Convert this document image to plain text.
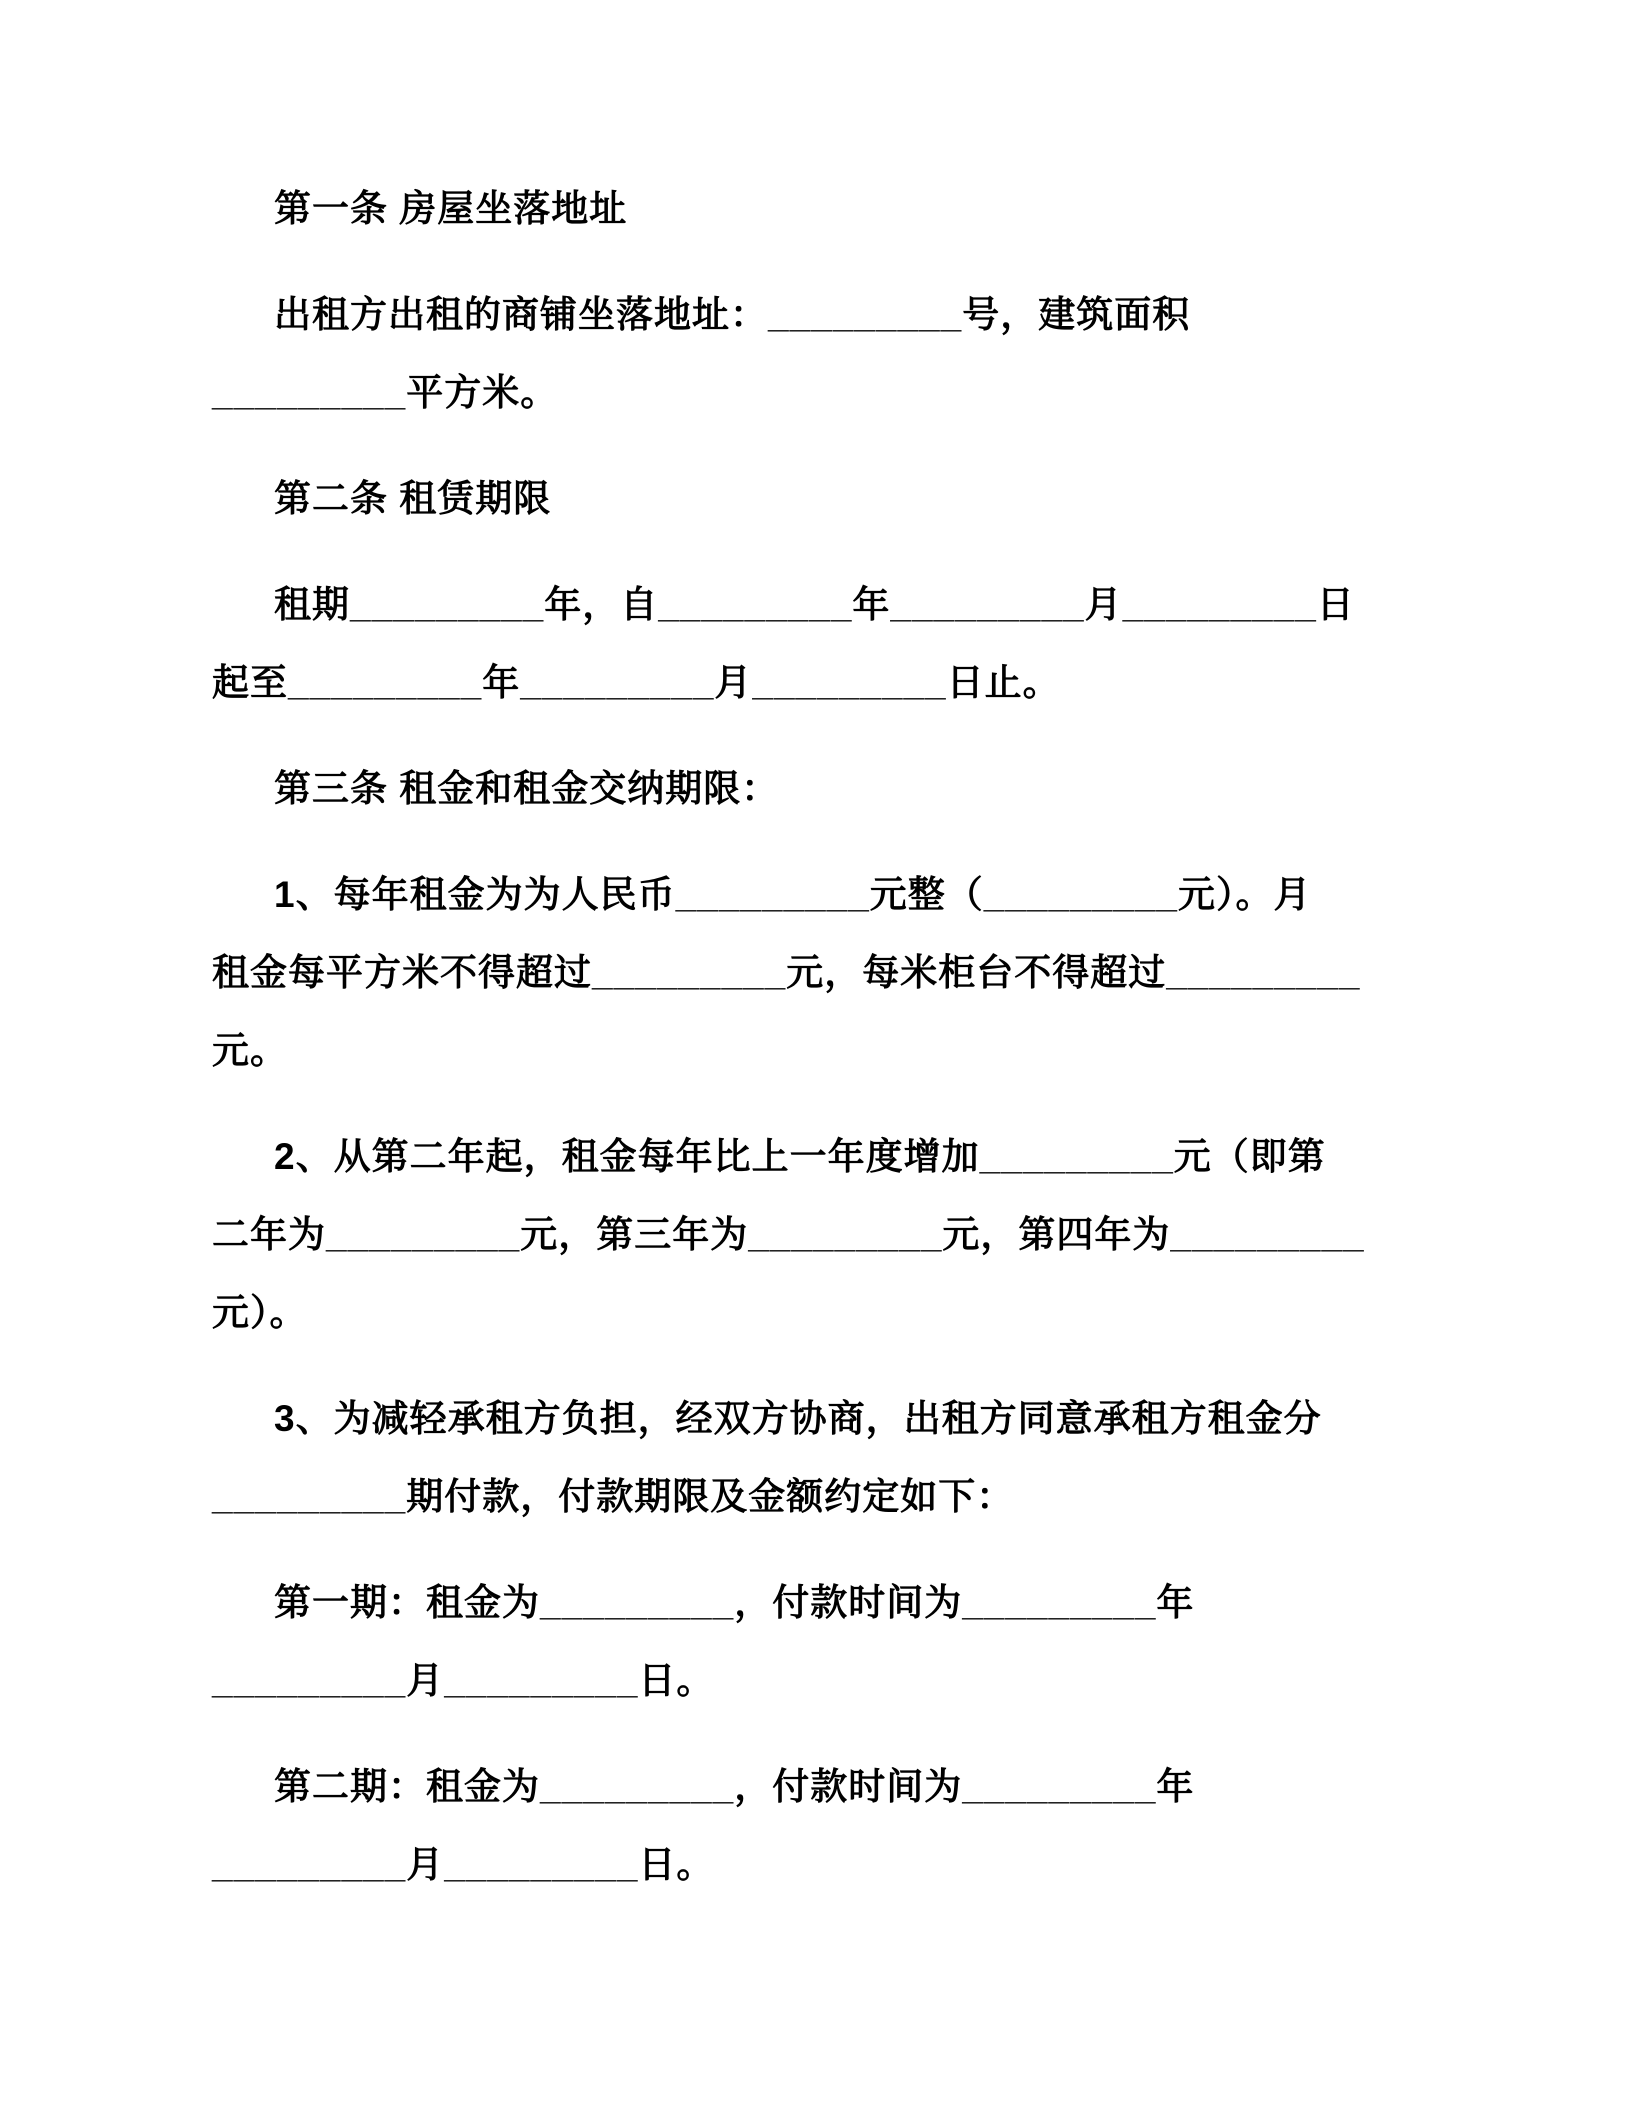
第一条 房屋坐落地址
出租方出租的商铺坐落地址：_________号，建筑面积
_________平方米。
第二条 租赁期限
租期_________年，自_________年_________月_________日
起至_________年_________月_________日止。
第三条 租金和租金交纳期限：
1、每年租金为为人民币_________元整（_________元）。月
租金每平方米不得超过_________元，每米柜台不得超过_________
元。
2、从第二年起，租金每年比上一年度增加_________元（即第
二年为_________元，第三年为_________元，第四年为_________
元）。
3、为减轻承租方负担，经双方协商，出租方同意承租方租金分
_________期付款，付款期限及金额约定如下：
第一期：租金为_________，付款时间为_________年
_________月_________日。
第二期：租金为_________，付款时间为_________年
_________月_________日。
